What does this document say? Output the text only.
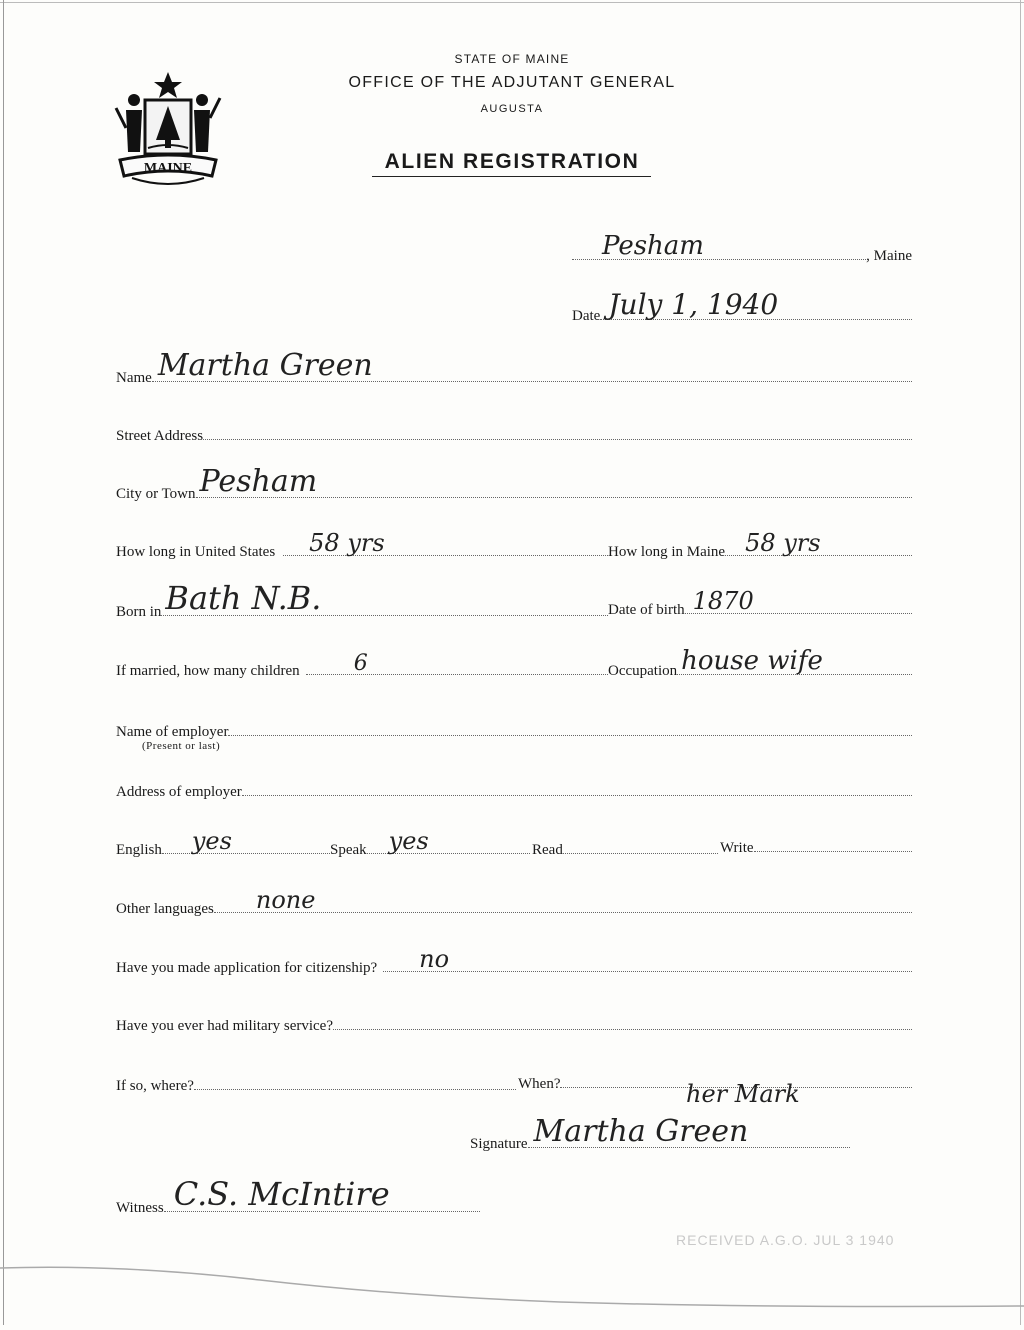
MAINE
STATE OF MAINE
OFFICE OF THE ADJUTANT GENERAL
AUGUSTA
ALIEN REGISTRATION
Pesham	, Maine
Date July 1, 1940
Name Martha Green
Street Address
City or Town Pesham
How long in United States 58 yrs	How long in Maine 58 yrs
Born in Bath N.B.	Date of birth 1870
If married, how many children 6	Occupation house wife
Name of employer
(Present or last)
Address of employer
English yes	Speak yes	Read	Write
Other languages none
Have you made application for citizenship? no
Have you ever had military service?
If so, where?	When?	her Mark
Signature Martha Green
Witness C.S. McIntire
RECEIVED A.G.O. JUL 3 1940
